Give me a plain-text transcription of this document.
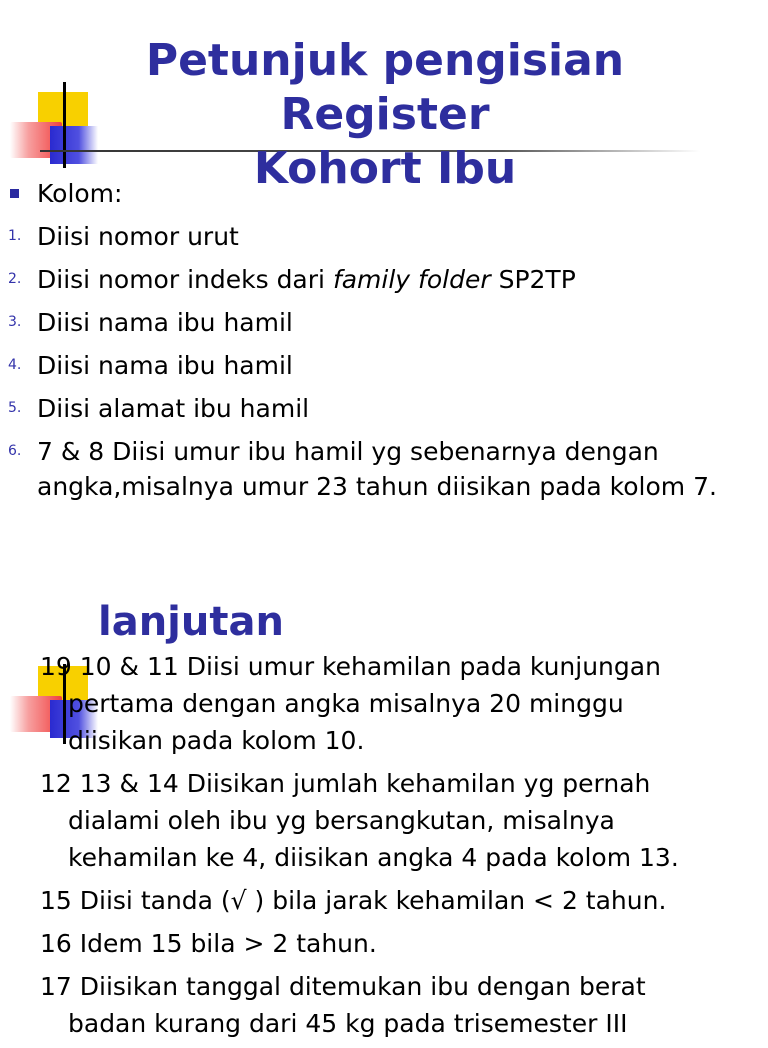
Petunjuk pengisian Register
Kohort Ibu
Kolom:
1. Diisi nomor urut
2. Diisi nomor indeks dari family folder SP2TP
3. Diisi nama ibu hamil
4. Diisi nama ibu hamil
5. Diisi alamat ibu hamil
6. 7 & 8 Diisi umur ibu hamil yg sebenarnya dengan
angka,misalnya umur 23 tahun diisikan pada kolom 7.
lanjutan
19 10 & 11 Diisi umur kehamilan pada kunjungan
pertama dengan angka misalnya 20 minggu
diisikan pada kolom 10.
12 13 & 14 Diisikan jumlah kehamilan yg pernah
dialami oleh ibu yg bersangkutan, misalnya
kehamilan ke 4, diisikan angka 4 pada kolom 13.
15 Diisi tanda (√ ) bila jarak kehamilan < 2 tahun.
16 Idem 15 bila > 2 tahun.
17 Diisikan tanggal ditemukan ibu dengan berat
badan kurang dari 45 kg pada trisemester III
